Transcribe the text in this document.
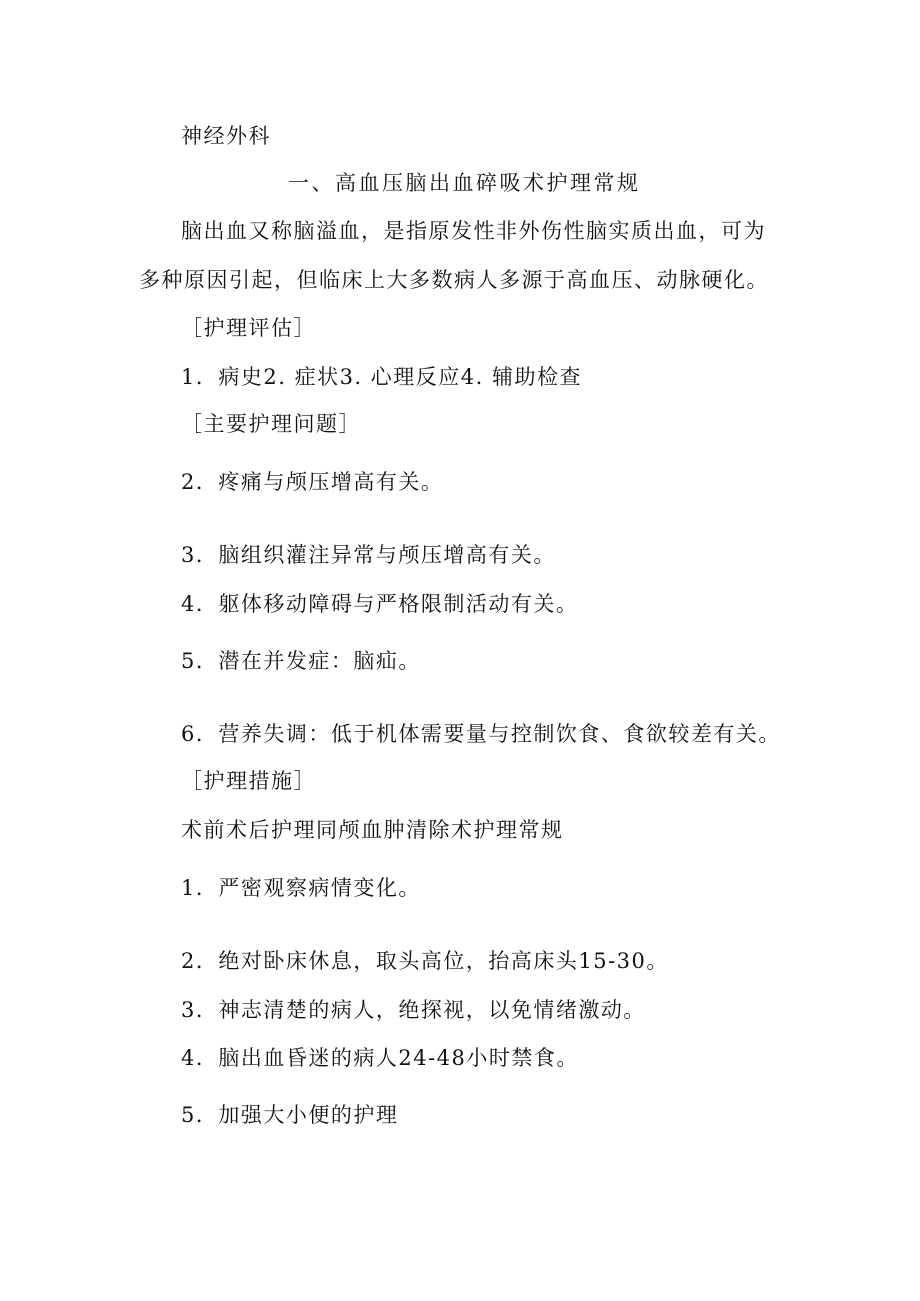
神经外科
一、高血压脑出血碎吸术护理常规
脑出血又称脑溢血，是指原发性非外伤性脑实质出血，可为
多种原因引起，但临床上大多数病人多源于高血压、动脉硬化。
［护理评估］
1．病史2. 症状3. 心理反应4. 辅助检查
［主要护理问题］
2．疼痛与颅压增高有关。
3．脑组织灌注异常与颅压增高有关。
4．躯体移动障碍与严格限制活动有关。
5．潜在并发症：脑疝。
6．营养失调：低于机体需要量与控制饮食、食欲较差有关。
［护理措施］
术前术后护理同颅血肿清除术护理常规
1．严密观察病情变化。
2．绝对卧床休息，取头高位，抬高床头15-30。
3．神志清楚的病人，绝探视，以免情绪激动。
4．脑出血昏迷的病人24-48小时禁食。
5．加强大小便的护理
